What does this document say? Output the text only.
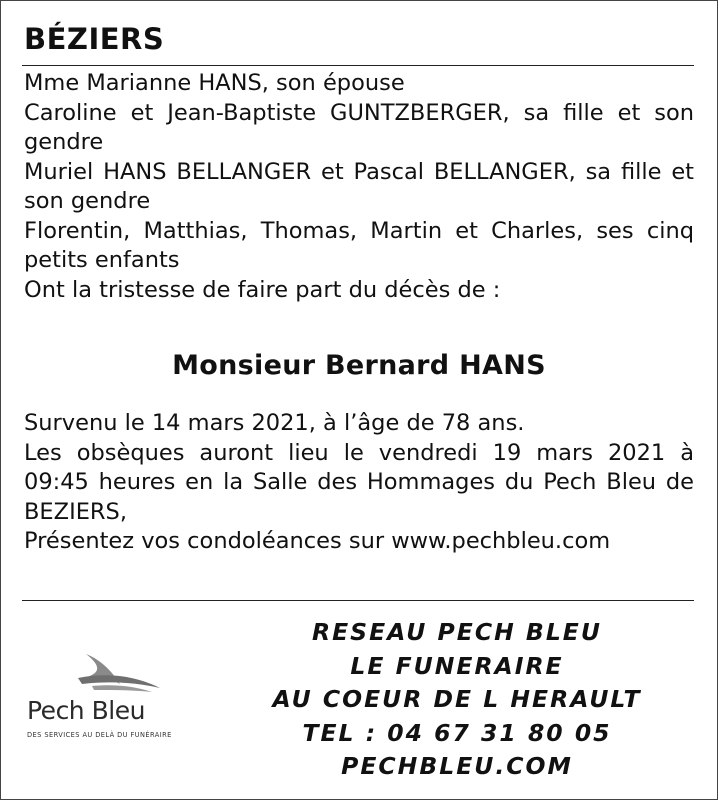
BÉZIERS
Mme Marianne HANS, son épouse
Caroline et Jean-Baptiste GUNTZBERGER, sa fille et son gendre
Muriel HANS BELLANGER et Pascal BELLANGER, sa fille et son gendre
Florentin, Matthias, Thomas, Martin et Charles, ses cinq petits enfants
Ont la tristesse de faire part du décès de :
Monsieur Bernard HANS
Survenu le 14 mars 2021, à l’âge de 78 ans.
Les obsèques auront lieu le vendredi 19 mars 2021 à 09:45 heures en la Salle des Hommages du Pech Bleu de BEZIERS,
Présentez vos condoléances sur www.pechbleu.com
Pech Bleu
DES SERVICES AU DELÀ DU FUNÉRAIRE
RESEAU PECH BLEU
LE FUNERAIRE
AU COEUR DE L HERAULT
TEL : 04 67 31 80 05
PECHBLEU.COM
